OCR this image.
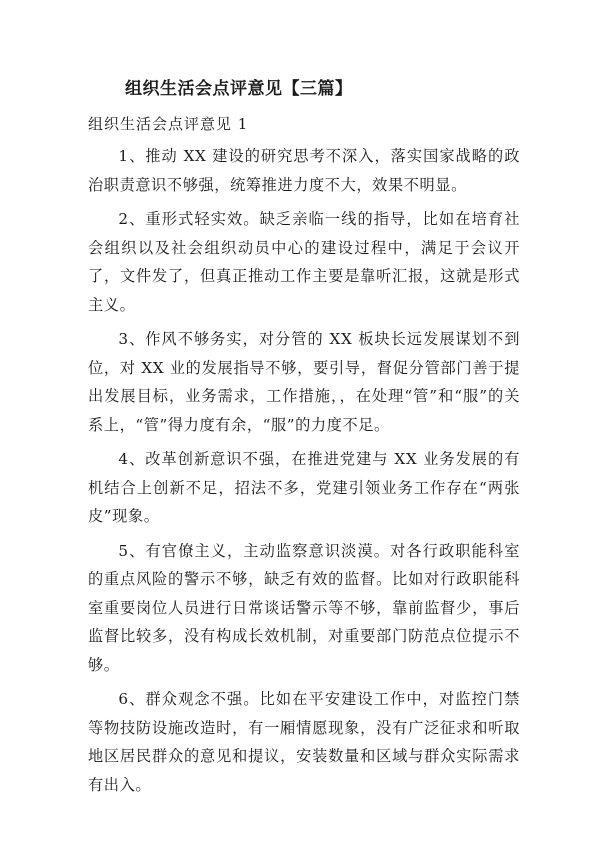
组织生活会点评意见【三篇】

组织生活会点评意见 1

1、推动 XX 建设的研究思考不深入，落实国家战略的政治职责意识不够强，统筹推进力度不大，效果不明显。

2、重形式轻实效。缺乏亲临一线的指导，比如在培育社会组织以及社会组织动员中心的建设过程中，满足于会议开了，文件发了，但真正推动工作主要是靠听汇报，这就是形式主义。

3、作风不够务实，对分管的 XX 板块长远发展谋划不到位，对 XX 业的发展指导不够，要引导，督促分管部门善于提出发展目标，业务需求，工作措施，，在处理“管”和“服”的关系上，“管”得力度有余，“服”的力度不足。

4、改革创新意识不强，在推进党建与 XX 业务发展的有机结合上创新不足，招法不多，党建引领业务工作存在“两张皮”现象。

5、有官僚主义，主动监察意识淡漠。对各行政职能科室的重点风险的警示不够，缺乏有效的监督。比如对行政职能科室重要岗位人员进行日常谈话警示等不够，靠前监督少，事后监督比较多，没有构成长效机制，对重要部门防范点位提示不够。

6、群众观念不强。比如在平安建设工作中，对监控门禁等物技防设施改造时，有一厢情愿现象，没有广泛征求和听取地区居民群众的意见和提议，安装数量和区域与群众实际需求有出入。
